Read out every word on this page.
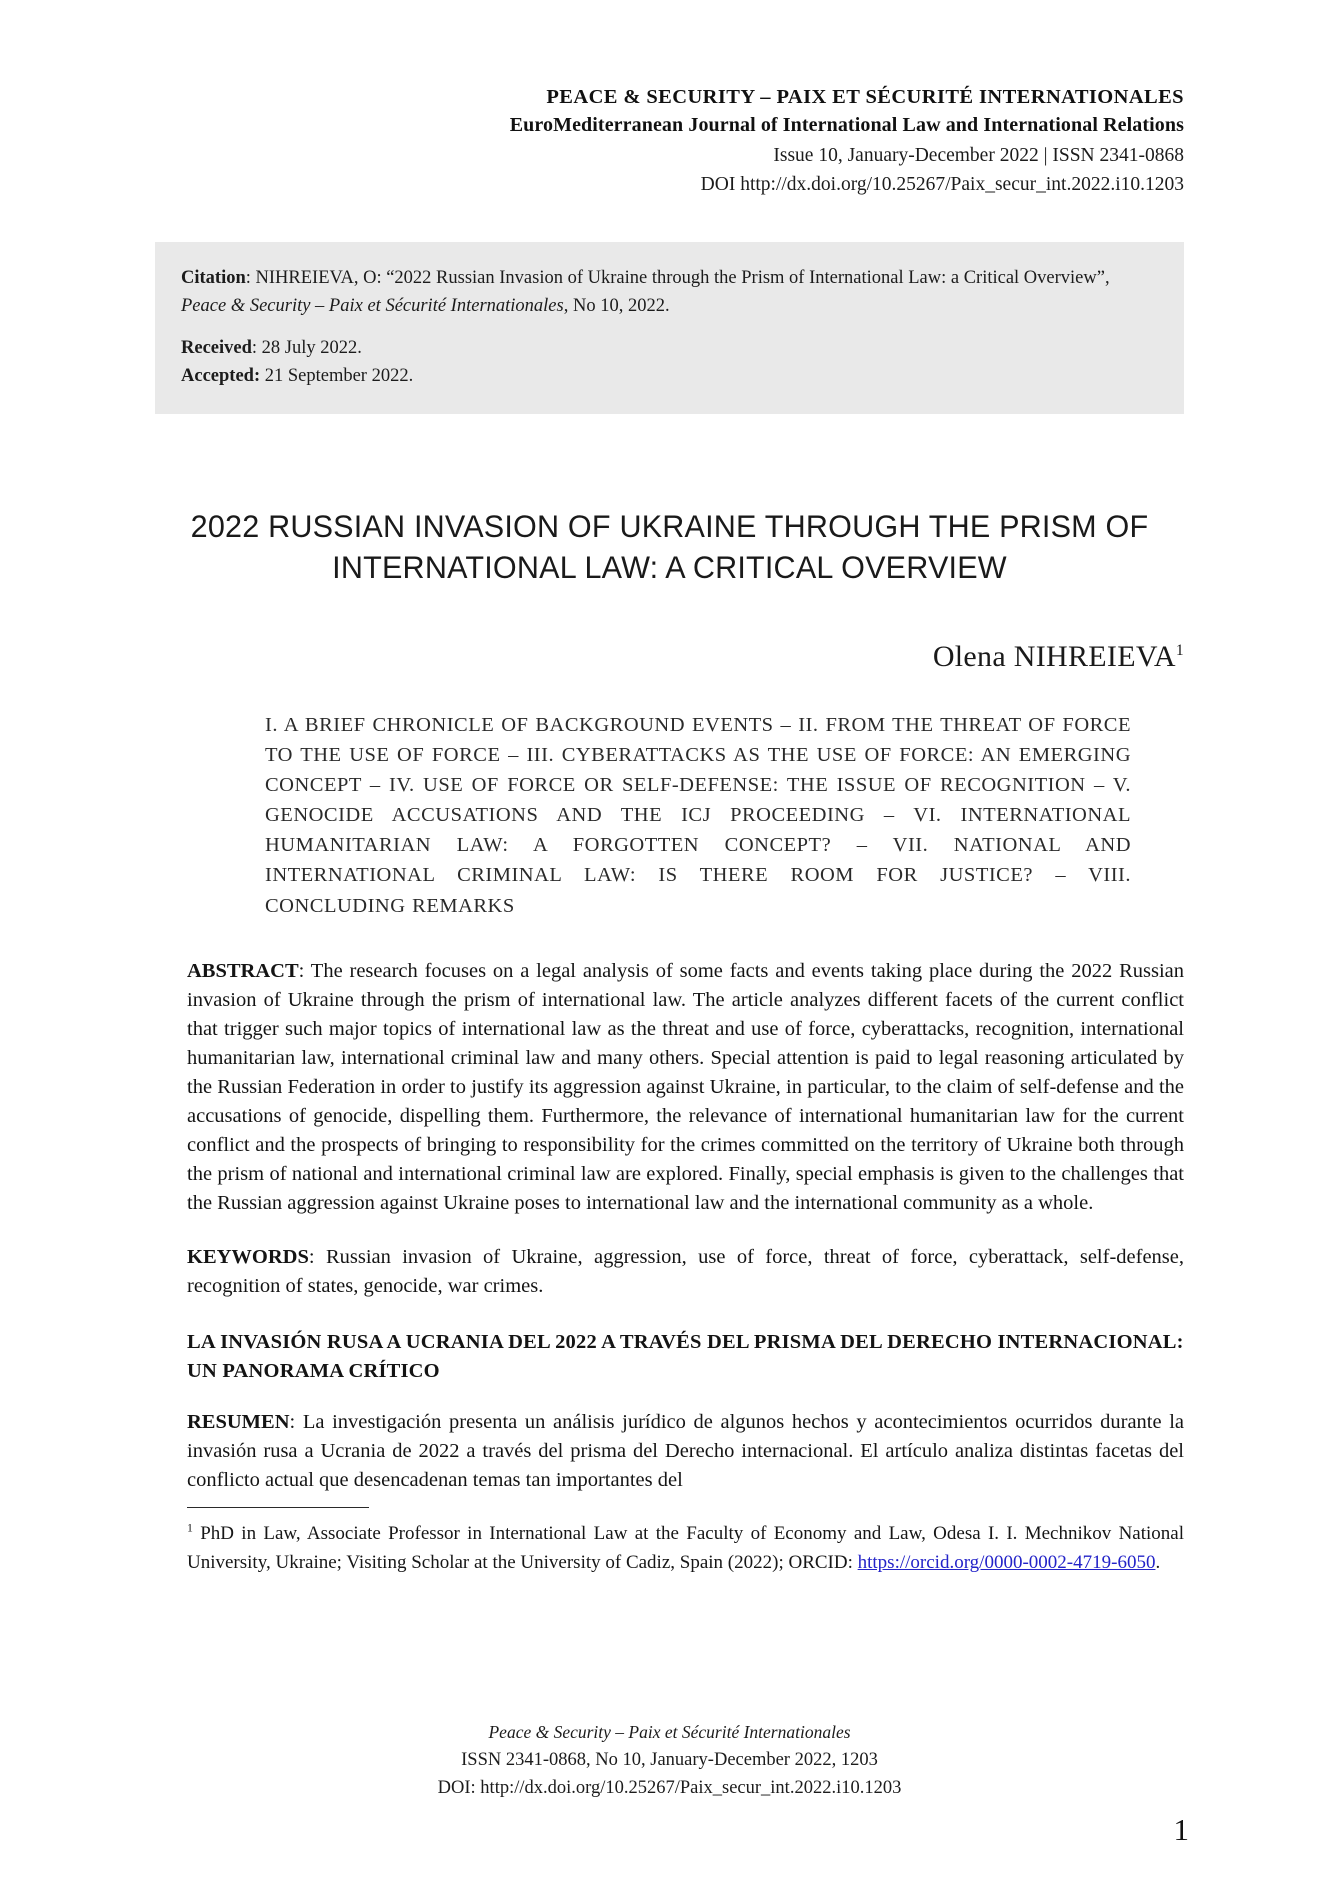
PEACE & SECURITY – PAIX ET SÉCURITÉ INTERNATIONALES
EuroMediterranean Journal of International Law and International Relations
Issue 10, January-December 2022 | ISSN 2341-0868
DOI http://dx.doi.org/10.25267/Paix_secur_int.2022.i10.1203
Citation: NIHREIEVA, O: “2022 Russian Invasion of Ukraine through the Prism of International Law: a Critical Overview”, Peace & Security – Paix et Sécurité Internationales, No 10, 2022.
Received: 28 July 2022.
Accepted: 21 September 2022.
2022 RUSSIAN INVASION OF UKRAINE THROUGH THE PRISM OF INTERNATIONAL LAW: A CRITICAL OVERVIEW
Olena NIHREIEVA$^1$
I. A BRIEF CHRONICLE OF BACKGROUND EVENTS – II. FROM THE THREAT OF FORCE TO THE USE OF FORCE – III. CYBERATTACKS AS THE USE OF FORCE: AN EMERGING CONCEPT – IV. USE OF FORCE OR SELF-DEFENSE: THE ISSUE OF RECOGNITION – V. GENOCIDE ACCUSATIONS AND THE ICJ PROCEEDING – VI. INTERNATIONAL HUMANITARIAN LAW: A FORGOTTEN CONCEPT? – VII. NATIONAL AND INTERNATIONAL CRIMINAL LAW: IS THERE ROOM FOR JUSTICE? – VIII. CONCLUDING REMARKS
ABSTRACT: The research focuses on a legal analysis of some facts and events taking place during the 2022 Russian invasion of Ukraine through the prism of international law. The article analyzes different facets of the current conflict that trigger such major topics of international law as the threat and use of force, cyberattacks, recognition, international humanitarian law, international criminal law and many others. Special attention is paid to legal reasoning articulated by the Russian Federation in order to justify its aggression against Ukraine, in particular, to the claim of self-defense and the accusations of genocide, dispelling them. Furthermore, the relevance of international humanitarian law for the current conflict and the prospects of bringing to responsibility for the crimes committed on the territory of Ukraine both through the prism of national and international criminal law are explored. Finally, special emphasis is given to the challenges that the Russian aggression against Ukraine poses to international law and the international community as a whole.
KEYWORDS: Russian invasion of Ukraine, aggression, use of force, threat of force, cyberattack, self-defense, recognition of states, genocide, war crimes.
LA INVASIÓN RUSA A UCRANIA DEL 2022 A TRAVÉS DEL PRISMA DEL DERECHO INTERNACIONAL: UN PANORAMA CRÍTICO
RESUMEN: La investigación presenta un análisis jurídico de algunos hechos y acontecimientos ocurridos durante la invasión rusa a Ucrania de 2022 a través del prisma del Derecho internacional. El artículo analiza distintas facetas del conflicto actual que desencadenan temas tan importantes del
$^1$ PhD in Law, Associate Professor in International Law at the Faculty of Economy and Law, Odesa I. I. Mechnikov National University, Ukraine; Visiting Scholar at the University of Cadiz, Spain (2022); ORCID: https://orcid.org/0000-0002-4719-6050.
Peace & Security – Paix et Sécurité Internationales
ISSN 2341-0868, No 10, January-December 2022, 1203
DOI: http://dx.doi.org/10.25267/Paix_secur_int.2022.i10.1203
1
